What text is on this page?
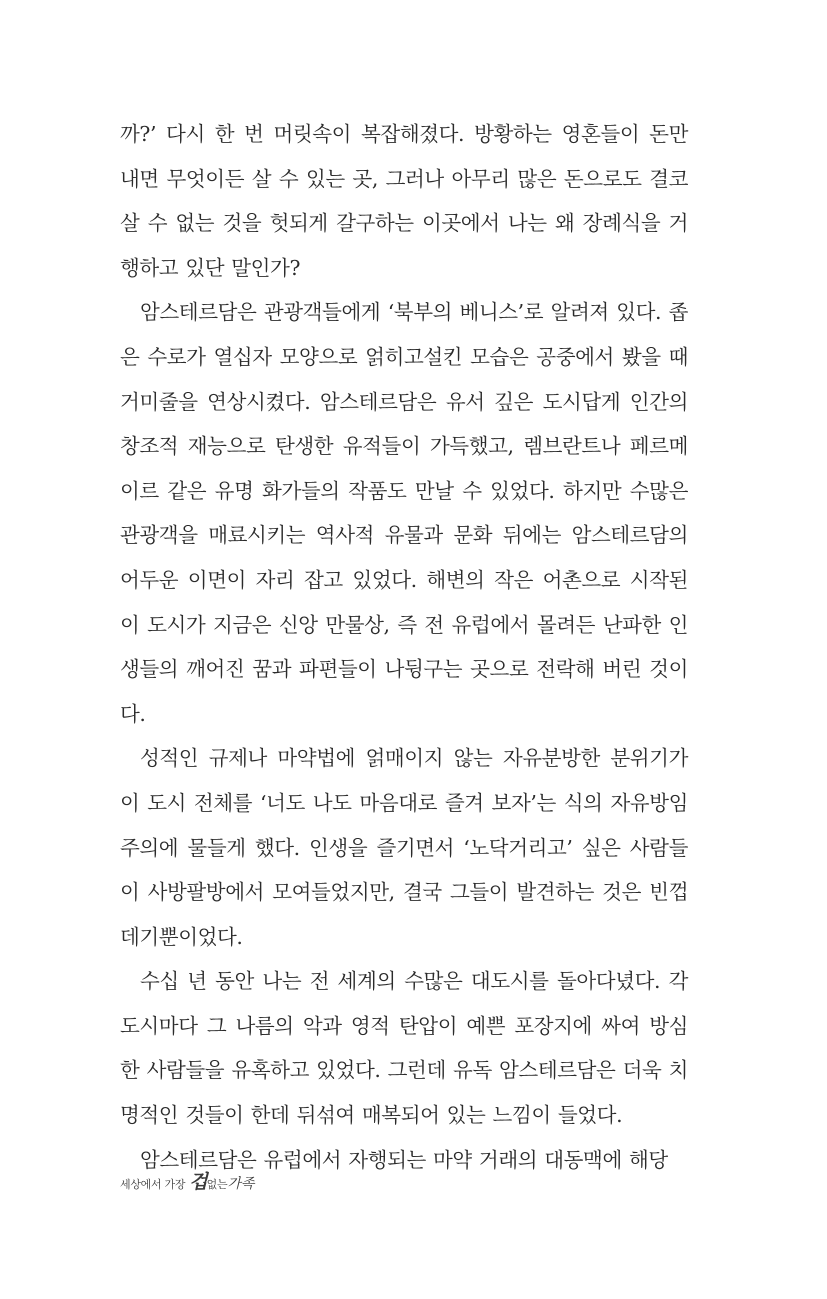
까?’ 다시 한 번 머릿속이 복잡해졌다. 방황하는 영혼들이 돈만 내면 무엇이든 살 수 있는 곳, 그러나 아무리 많은 돈으로도 결코 살 수 없는 것을 헛되게 갈구하는 이곳에서 나는 왜 장례식을 거행하고 있단 말인가?

암스테르담은 관광객들에게 ‘북부의 베니스’로 알려져 있다. 좁은 수로가 열십자 모양으로 얽히고설킨 모습은 공중에서 봤을 때 거미줄을 연상시켰다. 암스테르담은 유서 깊은 도시답게 인간의 창조적 재능으로 탄생한 유적들이 가득했고, 렘브란트나 페르메이르 같은 유명 화가들의 작품도 만날 수 있었다. 하지만 수많은 관광객을 매료시키는 역사적 유물과 문화 뒤에는 암스테르담의 어두운 이면이 자리 잡고 있었다. 해변의 작은 어촌으로 시작된 이 도시가 지금은 신앙 만물상, 즉 전 유럽에서 몰려든 난파한 인생들의 깨어진 꿈과 파편들이 나뒹구는 곳으로 전락해 버린 것이다.

성적인 규제나 마약법에 얽매이지 않는 자유분방한 분위기가 이 도시 전체를 ‘너도 나도 마음대로 즐겨 보자’는 식의 자유방임주의에 물들게 했다. 인생을 즐기면서 ‘노닥거리고’ 싶은 사람들이 사방팔방에서 모여들었지만, 결국 그들이 발견하는 것은 빈껍데기뿐이었다.

수십 년 동안 나는 전 세계의 수많은 대도시를 돌아다녔다. 각 도시마다 그 나름의 악과 영적 탄압이 예쁜 포장지에 싸여 방심한 사람들을 유혹하고 있었다. 그런데 유독 암스테르담은 더욱 치명적인 것들이 한데 뒤섞여 매복되어 있는 느낌이 들었다.

암스테르담은 유럽에서 자행되는 마약 거래의 대동맥에 해당

세상에서 가장 겁없는가족
